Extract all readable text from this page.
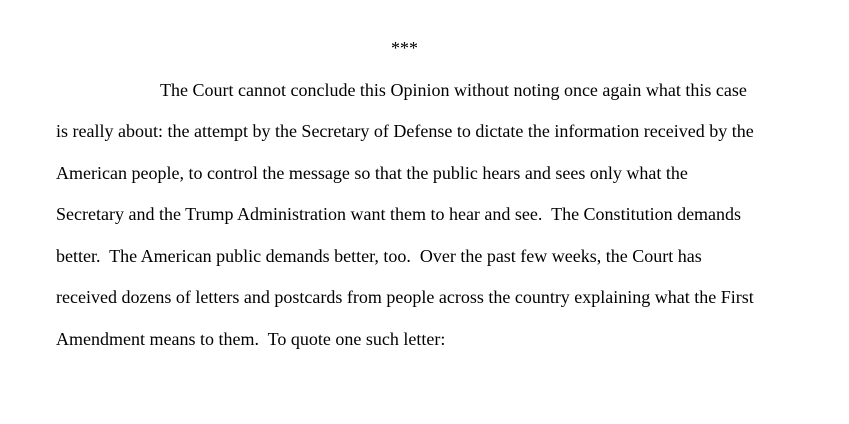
***

The Court cannot conclude this Opinion without noting once again what this case
is really about: the attempt by the Secretary of Defense to dictate the information received by the
American people, to control the message so that the public hears and sees only what the
Secretary and the Trump Administration want them to hear and see.  The Constitution demands
better.  The American public demands better, too.  Over the past few weeks, the Court has
received dozens of letters and postcards from people across the country explaining what the First
Amendment means to them.  To quote one such letter:
